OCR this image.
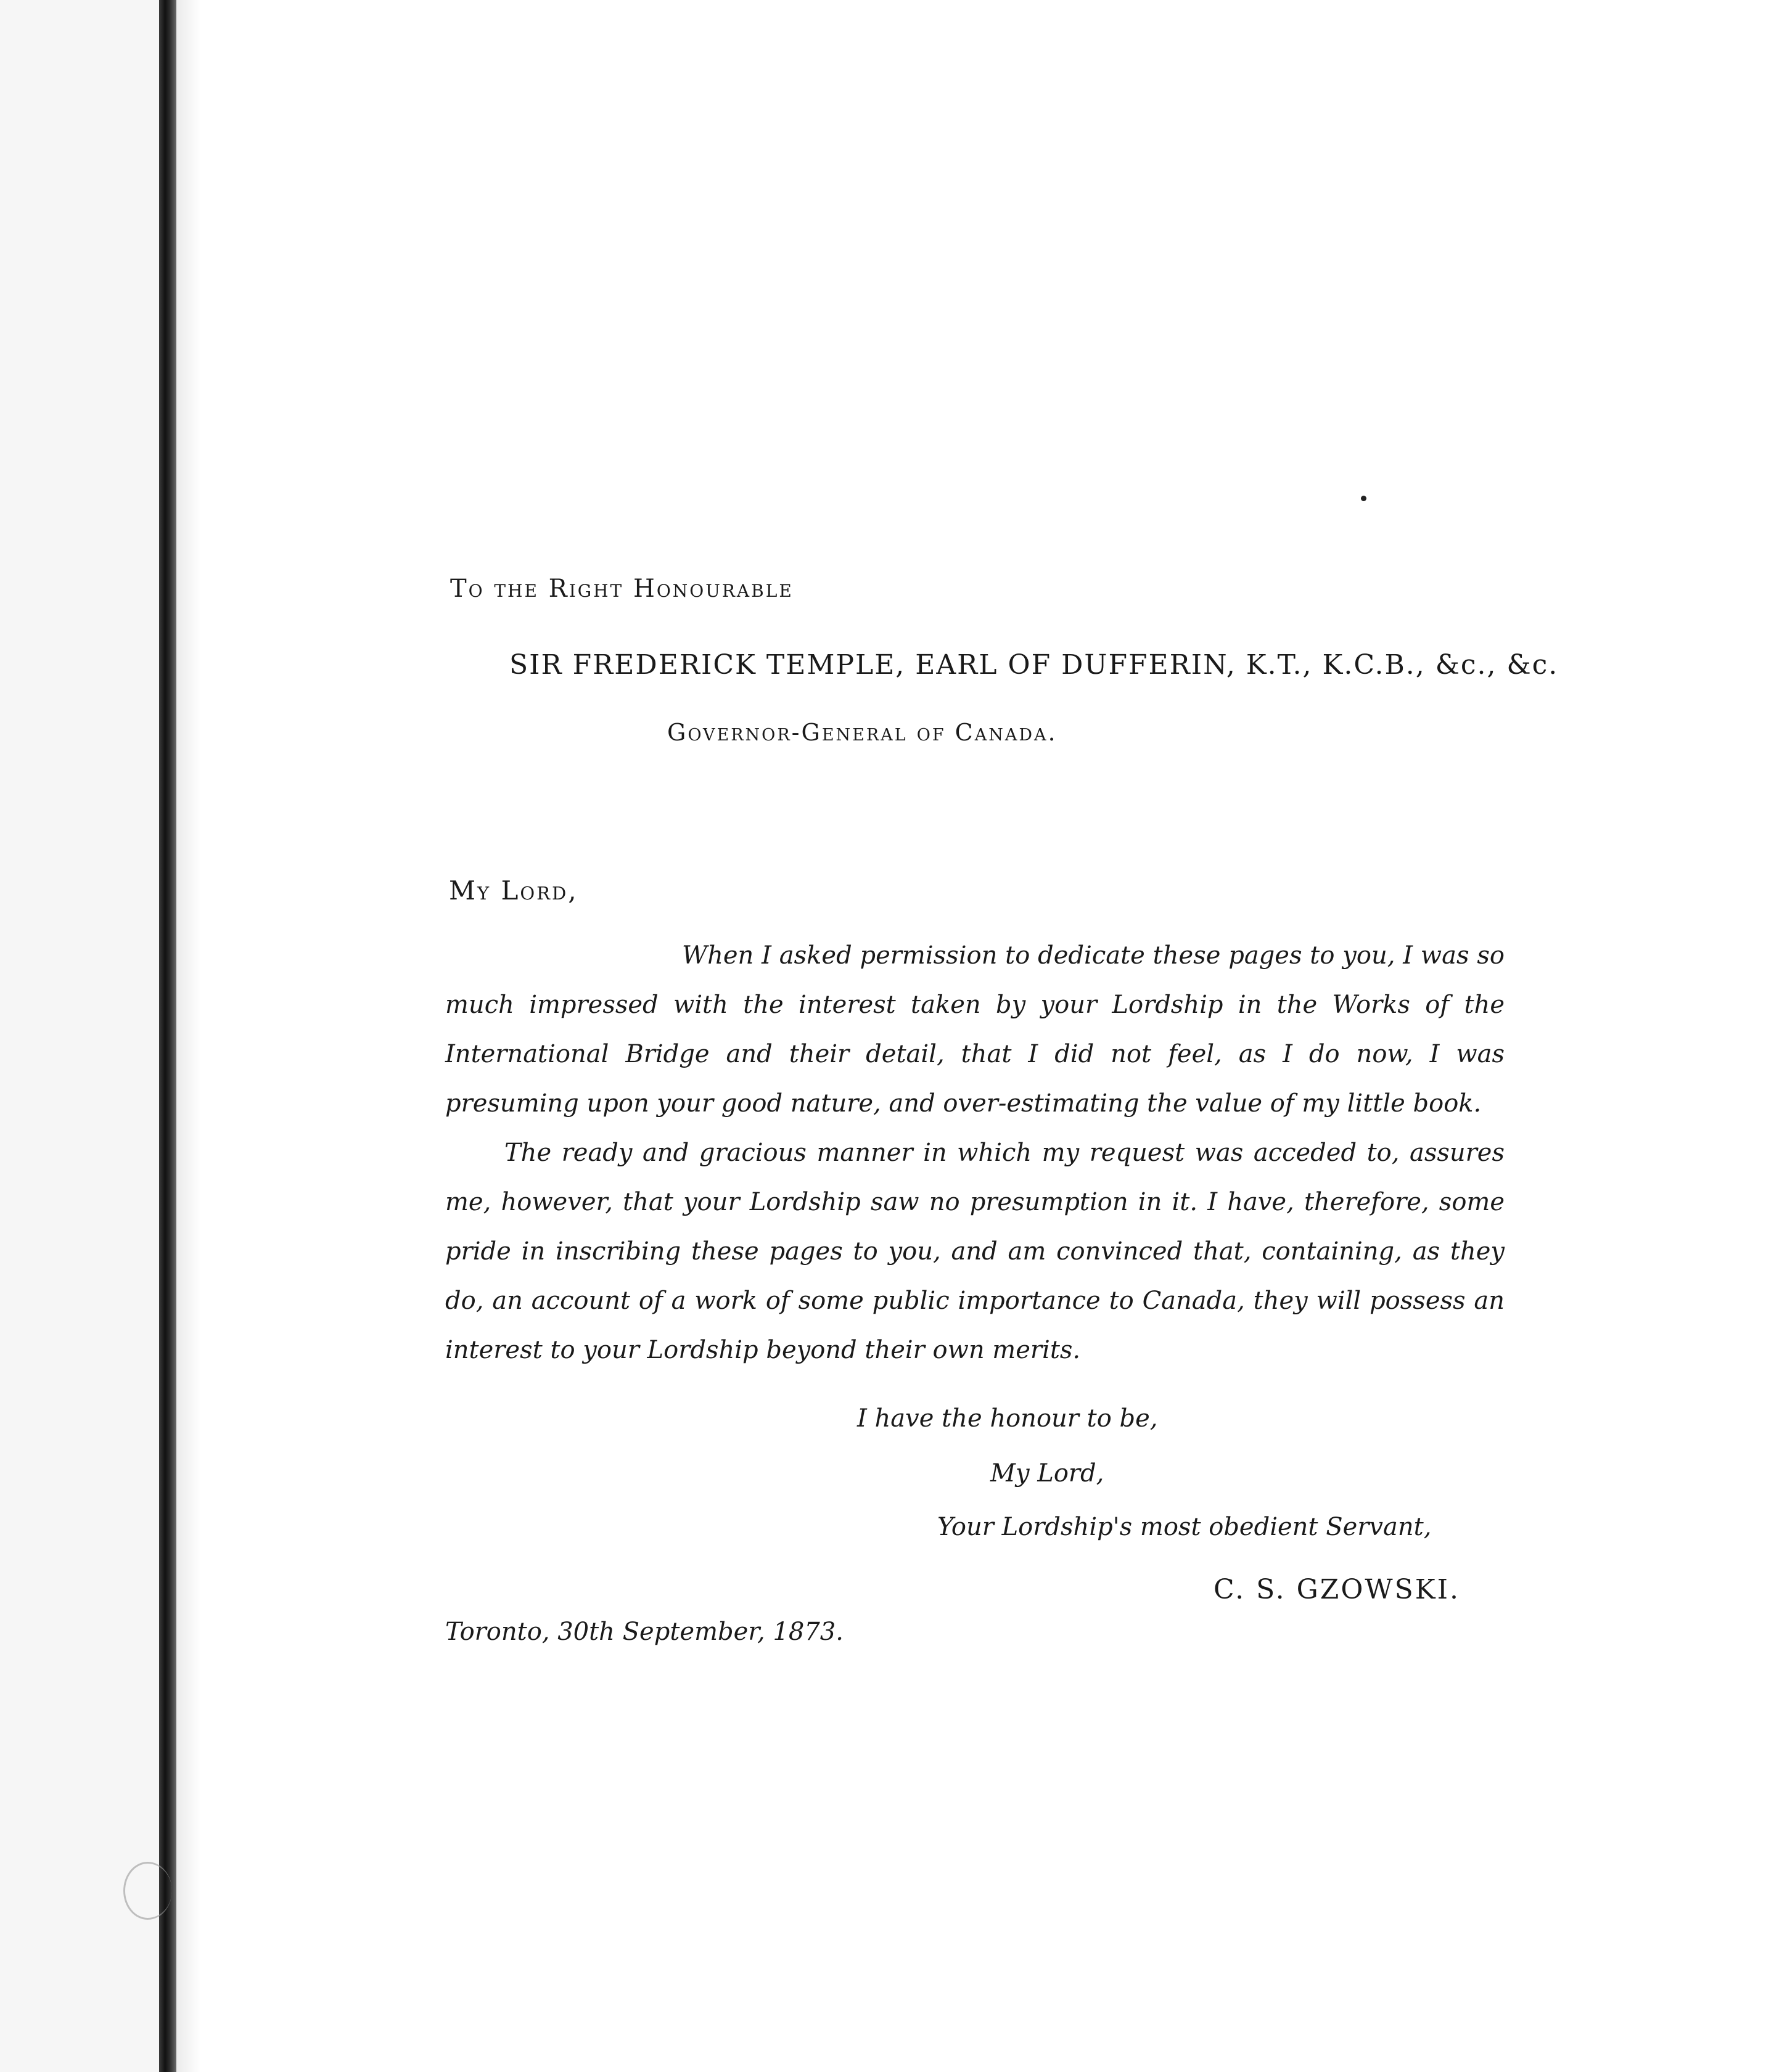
To the Right Honourable

SIR FREDERICK TEMPLE, EARL OF DUFFERIN, K.T., K.C.B., &c., &c.

Governor-General of Canada.

My Lord,

When I asked permission to dedicate these pages to you, I was so much impressed with the interest taken by your Lordship in the Works of the International Bridge and their detail, that I did not feel, as I do now, I was presuming upon your good nature, and over-estimating the value of my little book.

The ready and gracious manner in which my request was acceded to, assures me, however, that your Lordship saw no presumption in it. I have, therefore, some pride in inscribing these pages to you, and am convinced that, containing, as they do, an account of a work of some public importance to Canada, they will possess an interest to your Lordship beyond their own merits.

I have the honour to be,

My Lord,

Your Lordship's most obedient Servant,

C. S. GZOWSKI.

Toronto, 30th September, 1873.
